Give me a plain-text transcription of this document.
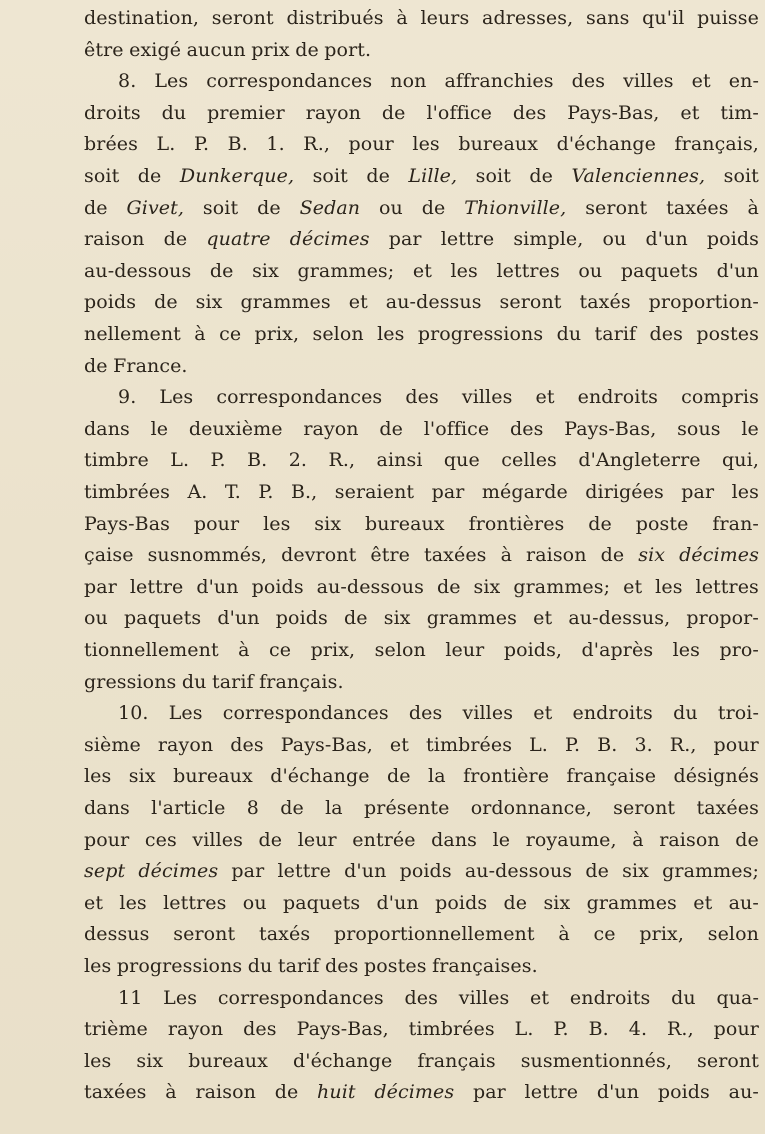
destination, seront distribués à leurs adresses, sans qu'il puisse
être exigé aucun prix de port.
8. Les correspondances non affranchies des villes et en-
droits du premier rayon de l'office des Pays-Bas, et tim-
brées L. P. B. 1. R., pour les bureaux d'échange français,
soit de Dunkerque, soit de Lille, soit de Valenciennes, soit
de Givet, soit de Sedan ou de Thionville, seront taxées à
raison de quatre décimes par lettre simple, ou d'un poids
au-dessous de six grammes; et les lettres ou paquets d'un
poids de six grammes et au-dessus seront taxés proportion-
nellement à ce prix, selon les progressions du tarif des postes
de France.
9. Les correspondances des villes et endroits compris
dans le deuxième rayon de l'office des Pays-Bas, sous le
timbre L. P. B. 2. R., ainsi que celles d'Angleterre qui,
timbrées A. T. P. B., seraient par mégarde dirigées par les
Pays-Bas pour les six bureaux frontières de poste fran-
çaise susnommés, devront être taxées à raison de six décimes
par lettre d'un poids au-dessous de six grammes; et les lettres
ou paquets d'un poids de six grammes et au-dessus, propor-
tionnellement à ce prix, selon leur poids, d'après les pro-
gressions du tarif français.
10. Les correspondances des villes et endroits du troi-
sième rayon des Pays-Bas, et timbrées L. P. B. 3. R., pour
les six bureaux d'échange de la frontière française désignés
dans l'article 8 de la présente ordonnance, seront taxées
pour ces villes de leur entrée dans le royaume, à raison de
sept décimes par lettre d'un poids au-dessous de six grammes;
et les lettres ou paquets d'un poids de six grammes et au-
dessus seront taxés proportionnellement à ce prix, selon
les progressions du tarif des postes françaises.
11 Les correspondances des villes et endroits du qua-
trième rayon des Pays-Bas, timbrées L. P. B. 4. R., pour
les six bureaux d'échange français susmentionnés, seront
taxées à raison de huit décimes par lettre d'un poids au-
